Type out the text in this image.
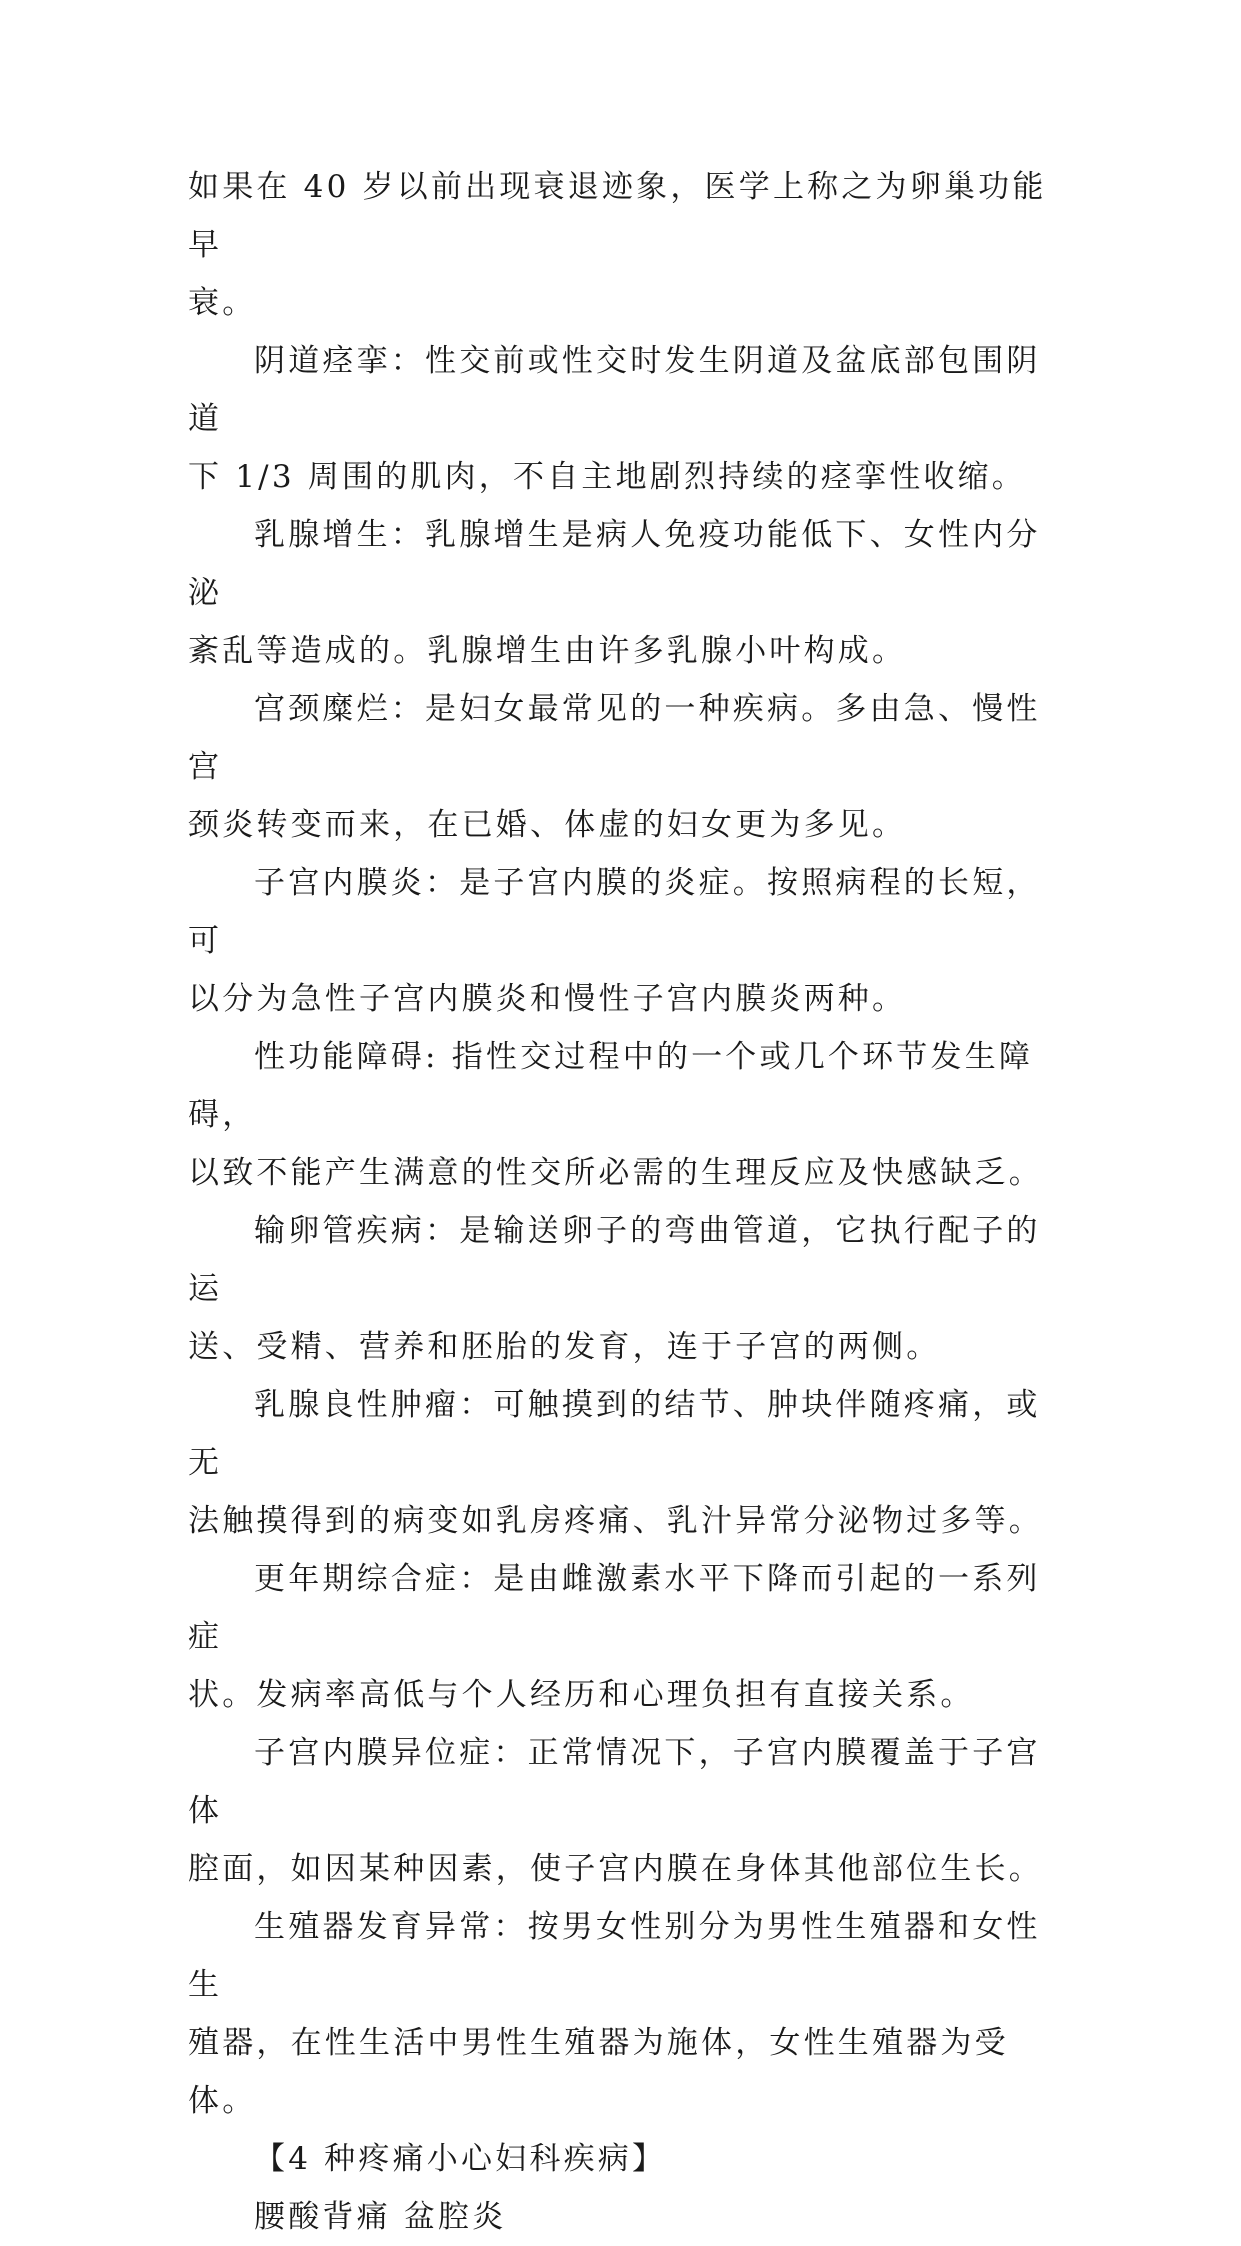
如果在 40 岁以前出现衰退迹象，医学上称之为卵巢功能早
衰。

阴道痉挛：性交前或性交时发生阴道及盆底部包围阴道
下 1/3 周围的肌肉，不自主地剧烈持续的痉挛性收缩。

乳腺增生：乳腺增生是病人免疫功能低下、女性内分泌
紊乱等造成的。乳腺增生由许多乳腺小叶构成。

宫颈糜烂：是妇女最常见的一种疾病。多由急、慢性宫
颈炎转变而来，在已婚、体虚的妇女更为多见。

子宫内膜炎：是子宫内膜的炎症。按照病程的长短，可
以分为急性子宫内膜炎和慢性子宫内膜炎两种。

性功能障碍: 指性交过程中的一个或几个环节发生障碍，
以致不能产生满意的性交所必需的生理反应及快感缺乏。

输卵管疾病：是输送卵子的弯曲管道，它执行配子的运
送、受精、营养和胚胎的发育，连于子宫的两侧。

乳腺良性肿瘤：可触摸到的结节、肿块伴随疼痛，或无
法触摸得到的病变如乳房疼痛、乳汁异常分泌物过多等。

更年期综合症：是由雌激素水平下降而引起的一系列症
状。发病率高低与个人经历和心理负担有直接关系。

子宫内膜异位症：正常情况下，子宫内膜覆盖于子宫体
腔面，如因某种因素，使子宫内膜在身体其他部位生长。

生殖器发育异常：按男女性别分为男性生殖器和女性生
殖器，在性生活中男性生殖器为施体，女性生殖器为受体。

【4 种疼痛小心妇科疾病】

腰酸背痛 盆腔炎
